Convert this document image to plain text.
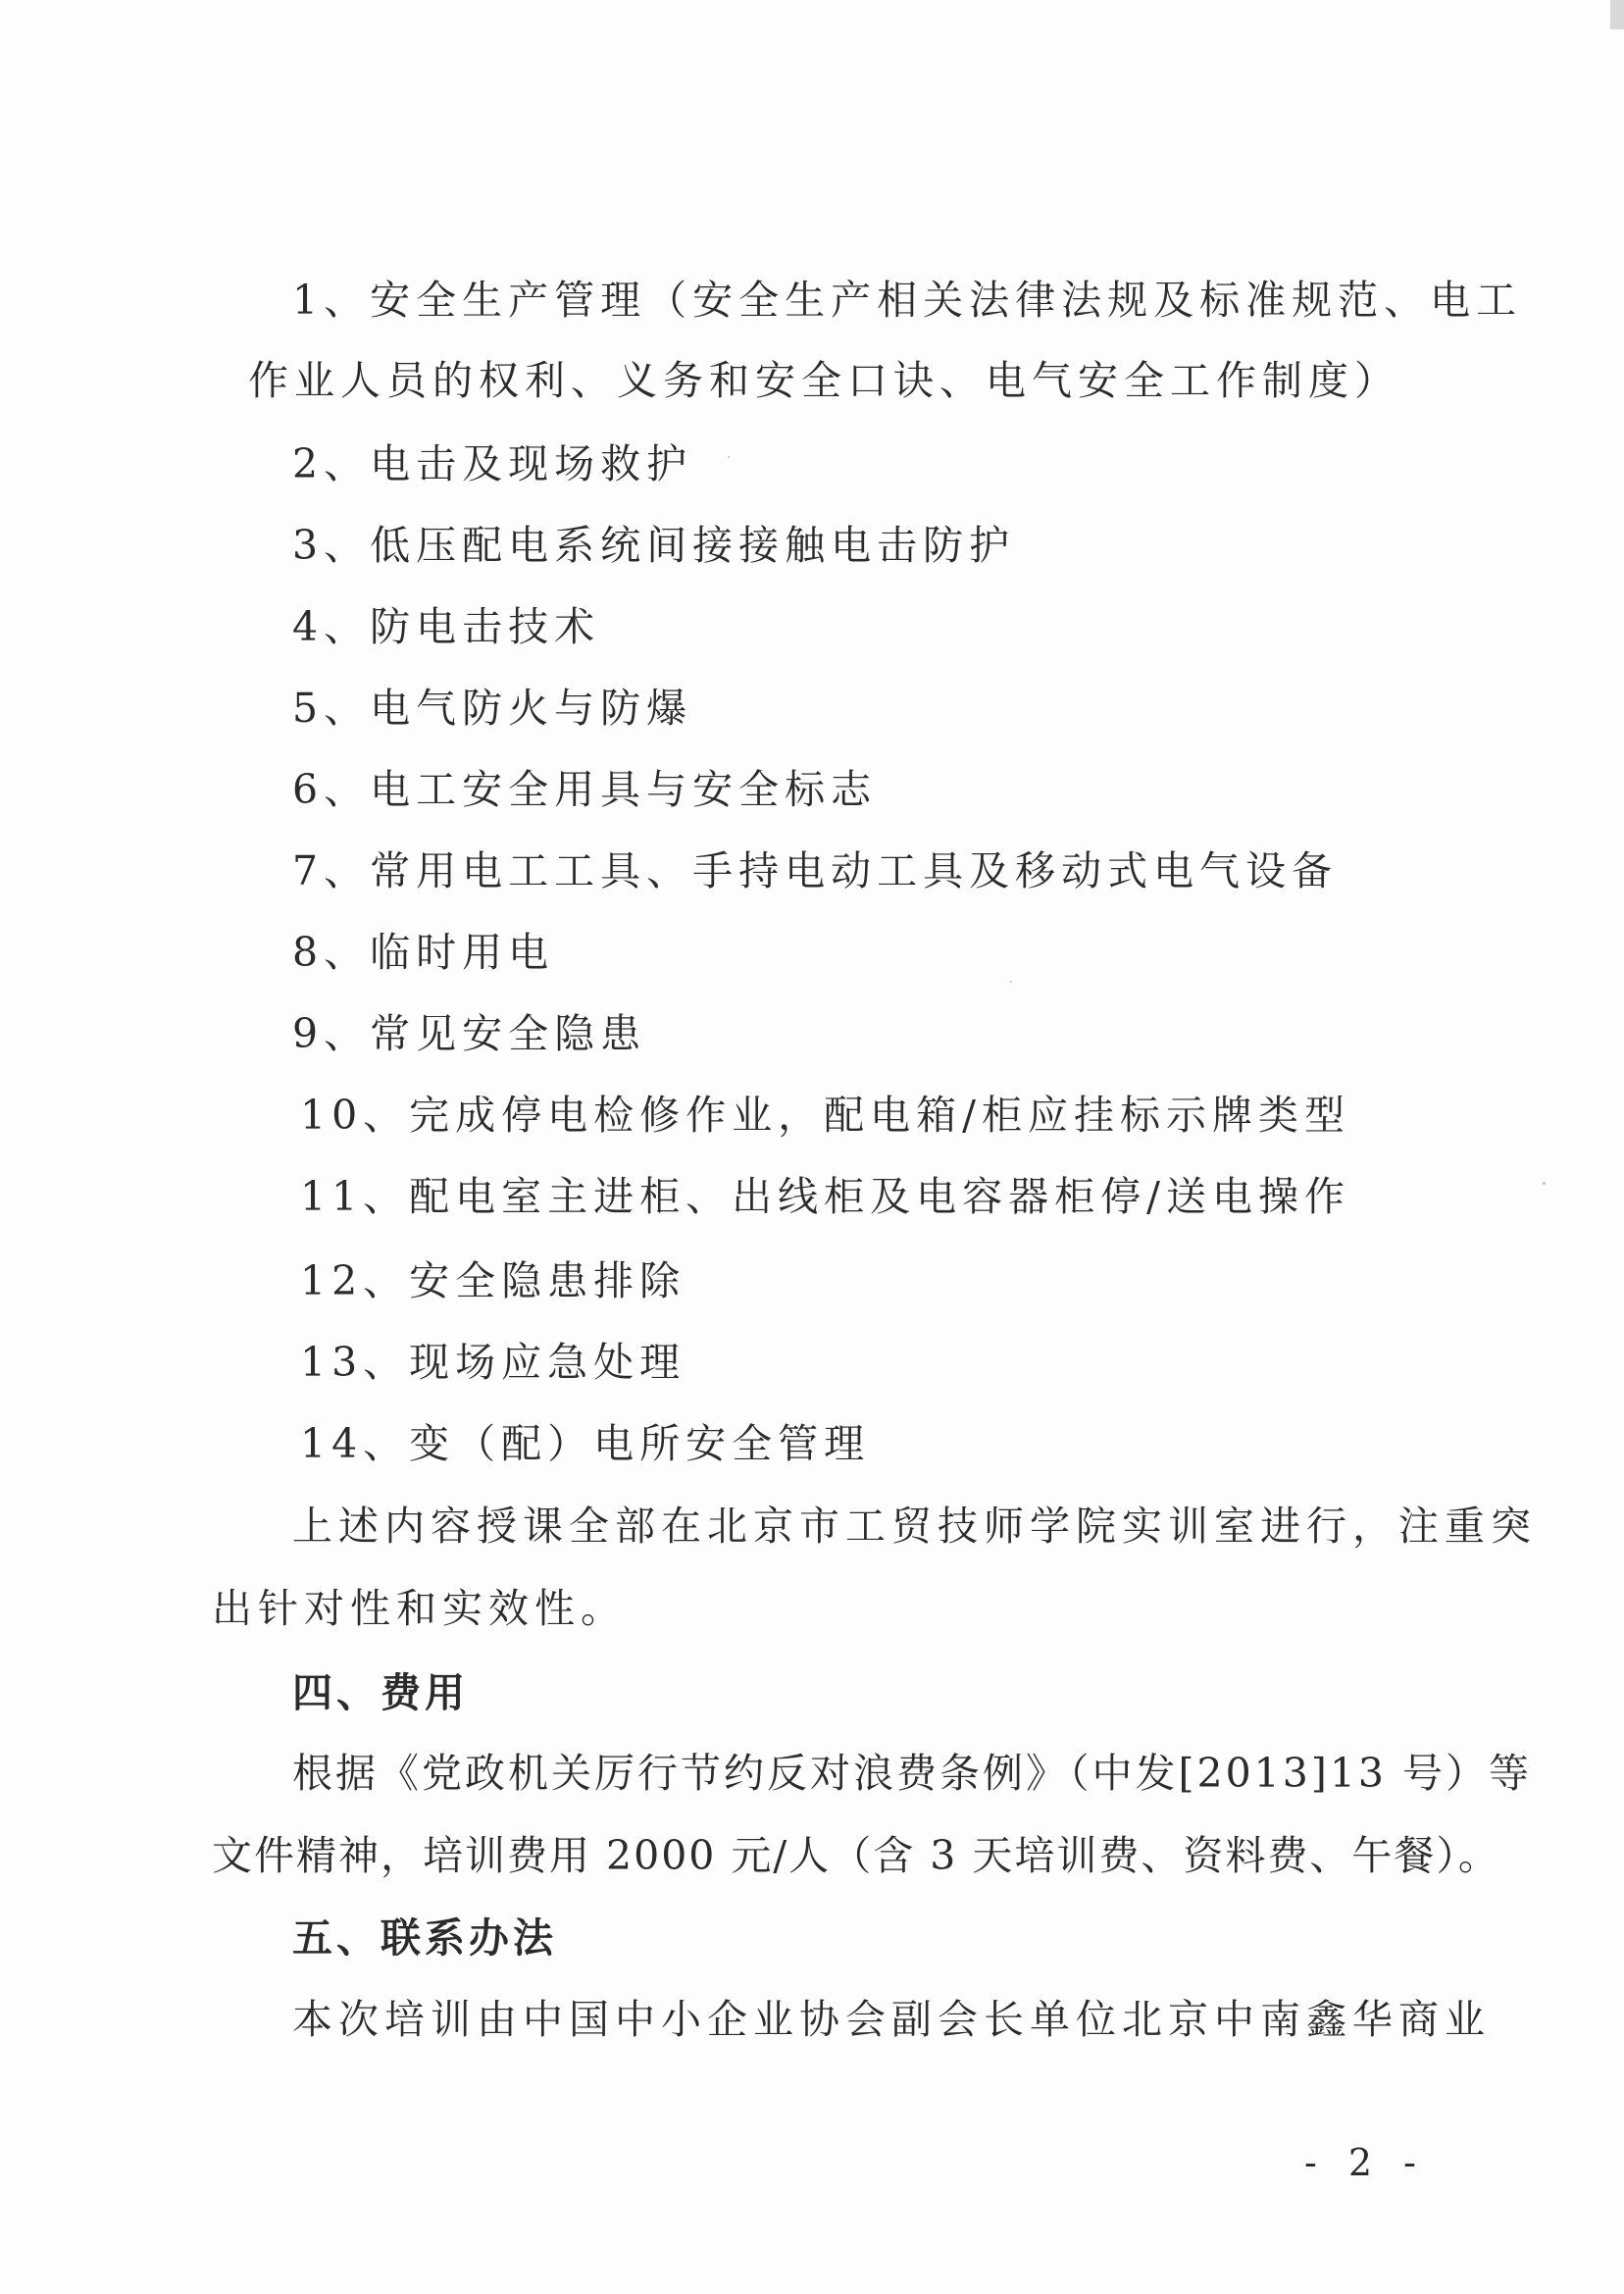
1、安全生产管理（安全生产相关法律法规及标准规范、电工
作业人员的权利、义务和安全口诀、电气安全工作制度）
2、电击及现场救护
3、低压配电系统间接接触电击防护
4、防电击技术
5、电气防火与防爆
6、电工安全用具与安全标志
7、常用电工工具、手持电动工具及移动式电气设备
8、临时用电
9、常见安全隐患
10、完成停电检修作业，配电箱/柜应挂标示牌类型
11、配电室主进柜、出线柜及电容器柜停/送电操作
12、安全隐患排除
13、现场应急处理
14、变（配）电所安全管理
上述内容授课全部在北京市工贸技师学院实训室进行，注重突
出针对性和实效性。
四、费用
根据《党政机关厉行节约反对浪费条例》（中发[2013]13 号）等
文件精神，培训费用 2000 元/人（含 3 天培训费、资料费、午餐）。
五、联系办法
本次培训由中国中小企业协会副会长单位北京中南鑫华商业
- 2 -
